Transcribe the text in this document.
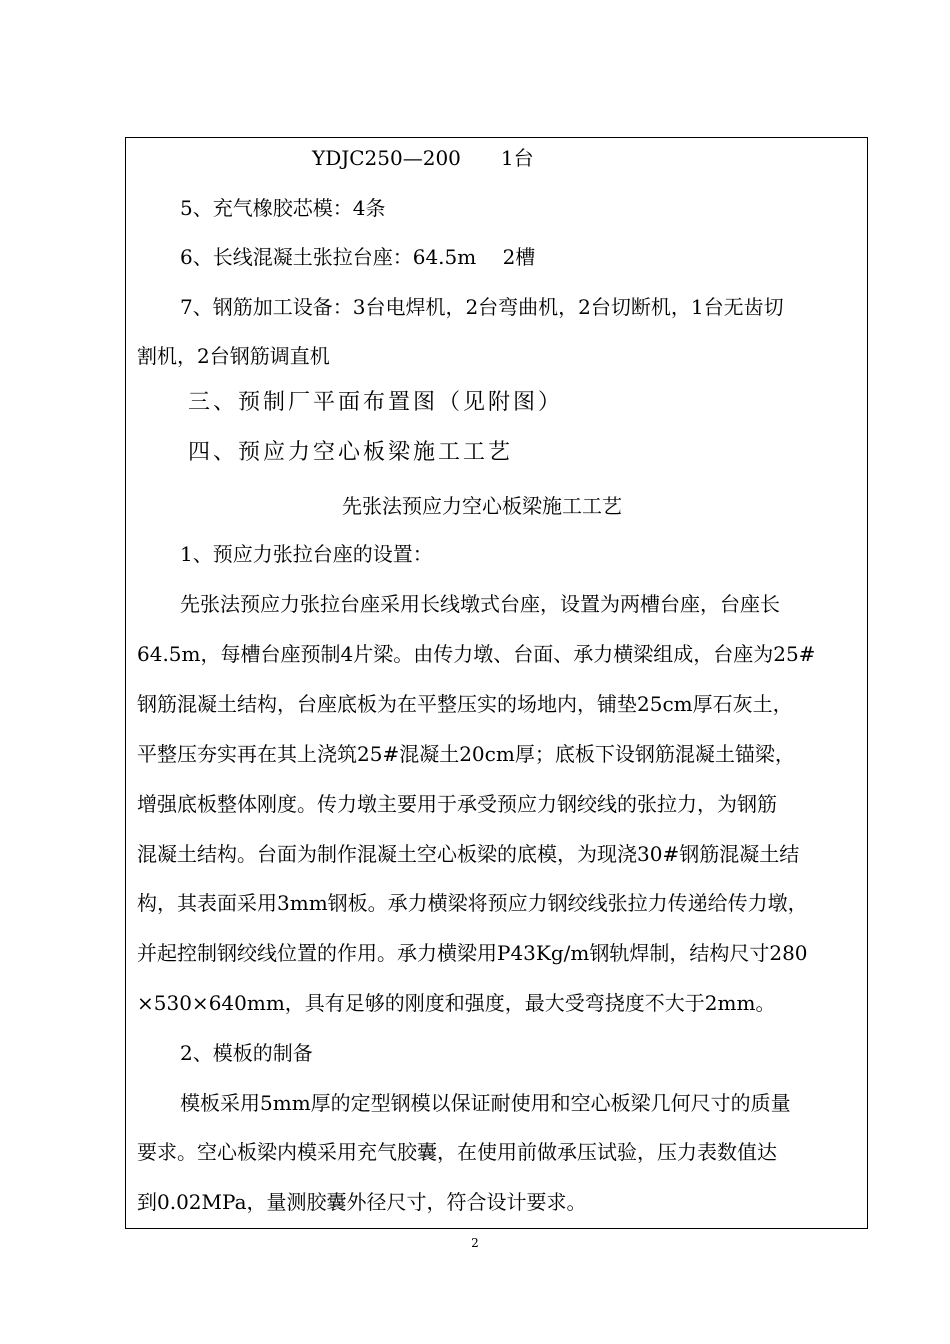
YDJC250—200　　1台
5、充气橡胶芯模：4条
6、长线混凝土张拉台座：64.5m　 2槽
7、钢筋加工设备：3台电焊机，2台弯曲机，2台切断机，1台无齿切
割机，2台钢筋调直机
三、预制厂平面布置图（见附图）
四、预应力空心板梁施工工艺
先张法预应力空心板梁施工工艺
1、预应力张拉台座的设置：
先张法预应力张拉台座采用长线墩式台座，设置为两槽台座，台座长
64.5m，每槽台座预制4片梁。由传力墩、台面、承力横梁组成，台座为25#
钢筋混凝土结构，台座底板为在平整压实的场地内，铺垫25cm厚石灰土，
平整压夯实再在其上浇筑25#混凝土20cm厚；底板下设钢筋混凝土锚梁，
增强底板整体刚度。传力墩主要用于承受预应力钢绞线的张拉力，为钢筋
混凝土结构。台面为制作混凝土空心板梁的底模，为现浇30#钢筋混凝土结
构，其表面采用3mm钢板。承力横梁将预应力钢绞线张拉力传递给传力墩，
并起控制钢绞线位置的作用。承力横梁用P43Kg/m钢轨焊制，结构尺寸280
×530×640mm，具有足够的刚度和强度，最大受弯挠度不大于2mm。
2、模板的制备
模板采用5mm厚的定型钢模以保证耐使用和空心板梁几何尺寸的质量
要求。空心板梁内模采用充气胶囊，在使用前做承压试验，压力表数值达
到0.02MPa，量测胶囊外径尺寸，符合设计要求。
2
